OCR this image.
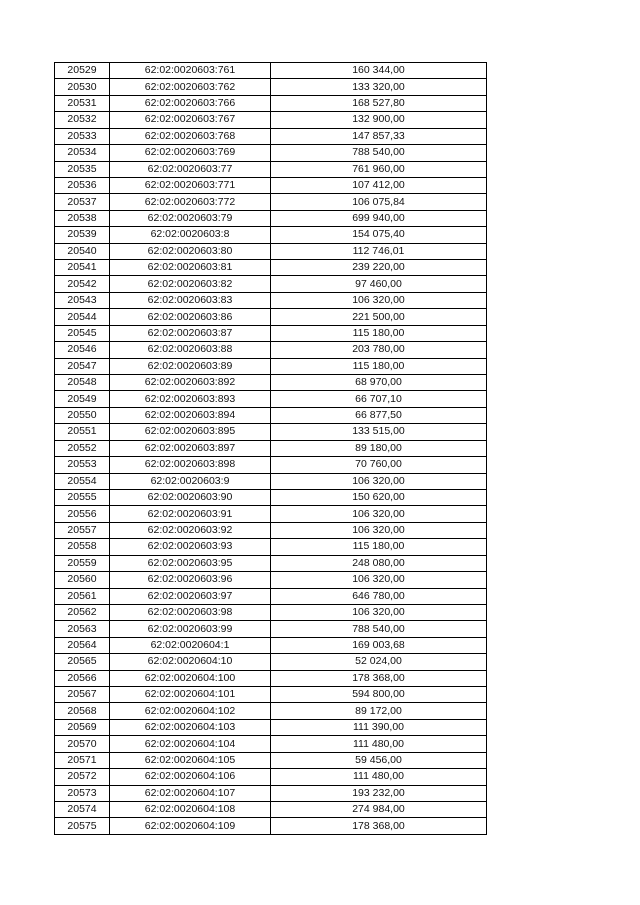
20529	62:02:0020603:761	160 344,00
20530	62:02:0020603:762	133 320,00
20531	62:02:0020603:766	168 527,80
20532	62:02:0020603:767	132 900,00
20533	62:02:0020603:768	147 857,33
20534	62:02:0020603:769	788 540,00
20535	62:02:0020603:77	761 960,00
20536	62:02:0020603:771	107 412,00
20537	62:02:0020603:772	106 075,84
20538	62:02:0020603:79	699 940,00
20539	62:02:0020603:8	154 075,40
20540	62:02:0020603:80	112 746,01
20541	62:02:0020603:81	239 220,00
20542	62:02:0020603:82	97 460,00
20543	62:02:0020603:83	106 320,00
20544	62:02:0020603:86	221 500,00
20545	62:02:0020603:87	115 180,00
20546	62:02:0020603:88	203 780,00
20547	62:02:0020603:89	115 180,00
20548	62:02:0020603:892	68 970,00
20549	62:02:0020603:893	66 707,10
20550	62:02:0020603:894	66 877,50
20551	62:02:0020603:895	133 515,00
20552	62:02:0020603:897	89 180,00
20553	62:02:0020603:898	70 760,00
20554	62:02:0020603:9	106 320,00
20555	62:02:0020603:90	150 620,00
20556	62:02:0020603:91	106 320,00
20557	62:02:0020603:92	106 320,00
20558	62:02:0020603:93	115 180,00
20559	62:02:0020603:95	248 080,00
20560	62:02:0020603:96	106 320,00
20561	62:02:0020603:97	646 780,00
20562	62:02:0020603:98	106 320,00
20563	62:02:0020603:99	788 540,00
20564	62:02:0020604:1	169 003,68
20565	62:02:0020604:10	52 024,00
20566	62:02:0020604:100	178 368,00
20567	62:02:0020604:101	594 800,00
20568	62:02:0020604:102	89 172,00
20569	62:02:0020604:103	111 390,00
20570	62:02:0020604:104	111 480,00
20571	62:02:0020604:105	59 456,00
20572	62:02:0020604:106	111 480,00
20573	62:02:0020604:107	193 232,00
20574	62:02:0020604:108	274 984,00
20575	62:02:0020604:109	178 368,00
